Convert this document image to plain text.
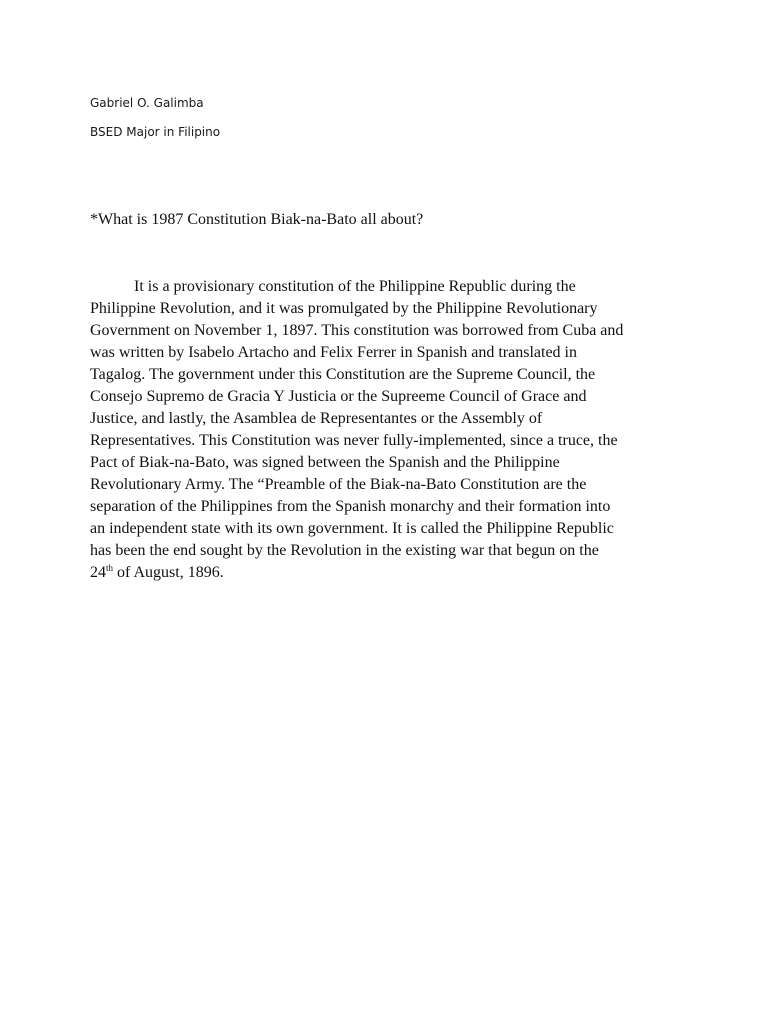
Gabriel O. Galimba
BSED Major in Filipino
*What is 1987 Constitution Biak-na-Bato all about?
It is a provisionary constitution of the Philippine Republic during the
Philippine Revolution, and it was promulgated by the Philippine Revolutionary
Government on November 1, 1897. This constitution was borrowed from Cuba and
was written by Isabelo Artacho and Felix Ferrer in Spanish and translated in
Tagalog. The government under this Constitution are the Supreme Council, the
Consejo Supremo de Gracia Y Justicia or the Supreeme Council of Grace and
Justice, and lastly, the Asamblea de Representantes or the Assembly of
Representatives. This Constitution was never fully-implemented, since a truce, the
Pact of Biak-na-Bato, was signed between the Spanish and the Philippine
Revolutionary Army. The “Preamble of the Biak-na-Bato Constitution are the
separation of the Philippines from the Spanish monarchy and their formation into
an independent state with its own government. It is called the Philippine Republic
has been the end sought by the Revolution in the existing war that begun on the
24th of August, 1896.
